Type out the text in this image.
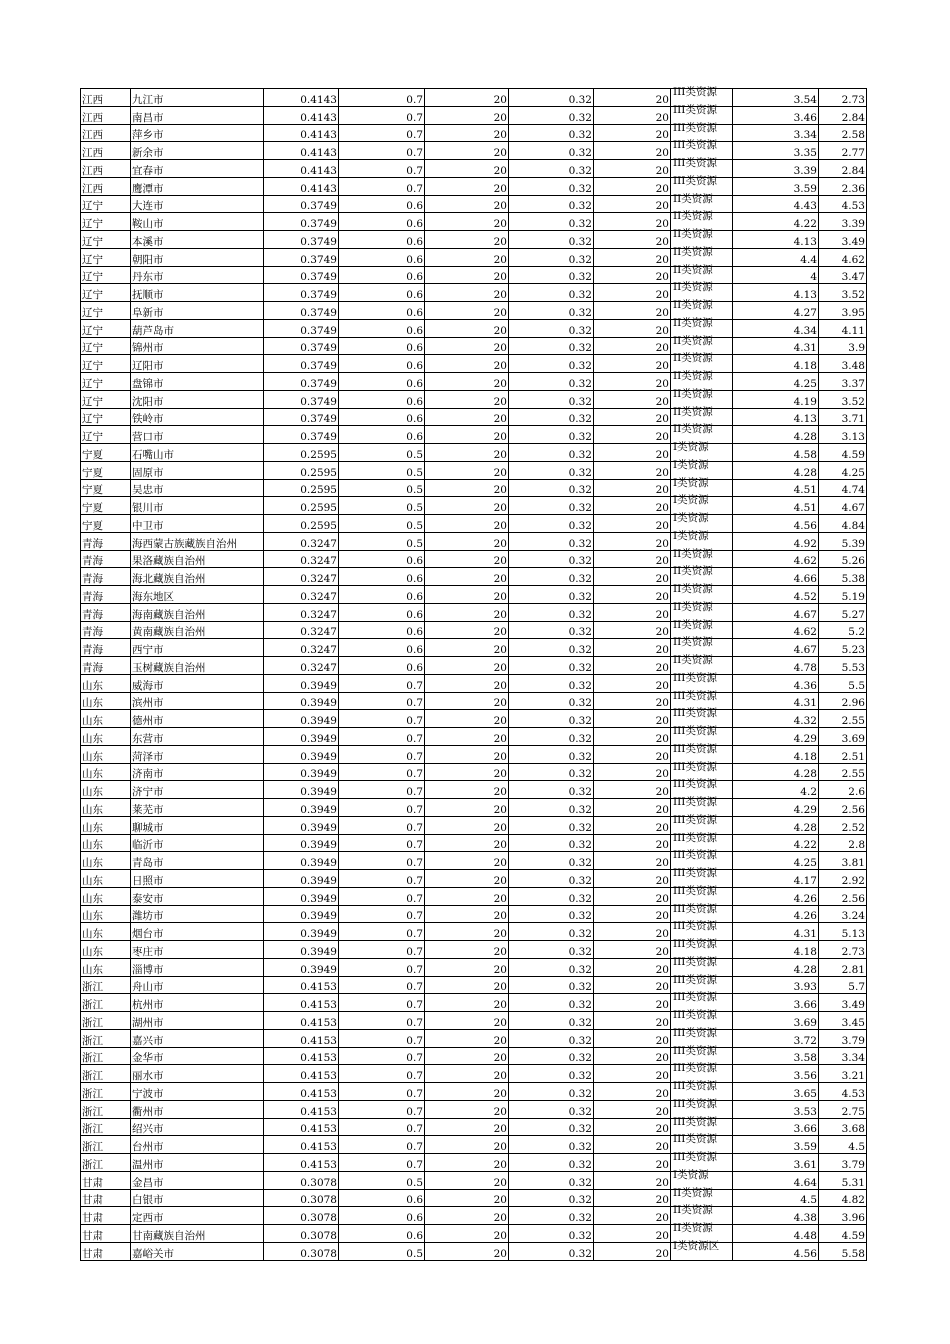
江西	九江市	0.4143	0.7	20	0.32	20	III类资源	3.54	2.73
江西	南昌市	0.4143	0.7	20	0.32	20	III类资源	3.46	2.84
江西	萍乡市	0.4143	0.7	20	0.32	20	III类资源	3.34	2.58
江西	新余市	0.4143	0.7	20	0.32	20	III类资源	3.35	2.77
江西	宜春市	0.4143	0.7	20	0.32	20	III类资源	3.39	2.84
江西	鹰潭市	0.4143	0.7	20	0.32	20	III类资源	3.59	2.36
辽宁	大连市	0.3749	0.6	20	0.32	20	II类资源	4.43	4.53
辽宁	鞍山市	0.3749	0.6	20	0.32	20	II类资源	4.22	3.39
辽宁	本溪市	0.3749	0.6	20	0.32	20	II类资源	4.13	3.49
辽宁	朝阳市	0.3749	0.6	20	0.32	20	II类资源	4.4	4.62
辽宁	丹东市	0.3749	0.6	20	0.32	20	II类资源	4	3.47
辽宁	抚顺市	0.3749	0.6	20	0.32	20	II类资源	4.13	3.52
辽宁	阜新市	0.3749	0.6	20	0.32	20	II类资源	4.27	3.95
辽宁	葫芦岛市	0.3749	0.6	20	0.32	20	II类资源	4.34	4.11
辽宁	锦州市	0.3749	0.6	20	0.32	20	II类资源	4.31	3.9
辽宁	辽阳市	0.3749	0.6	20	0.32	20	II类资源	4.18	3.48
辽宁	盘锦市	0.3749	0.6	20	0.32	20	II类资源	4.25	3.37
辽宁	沈阳市	0.3749	0.6	20	0.32	20	II类资源	4.19	3.52
辽宁	铁岭市	0.3749	0.6	20	0.32	20	II类资源	4.13	3.71
辽宁	营口市	0.3749	0.6	20	0.32	20	II类资源	4.28	3.13
宁夏	石嘴山市	0.2595	0.5	20	0.32	20	I类资源	4.58	4.59
宁夏	固原市	0.2595	0.5	20	0.32	20	I类资源	4.28	4.25
宁夏	吴忠市	0.2595	0.5	20	0.32	20	I类资源	4.51	4.74
宁夏	银川市	0.2595	0.5	20	0.32	20	I类资源	4.51	4.67
宁夏	中卫市	0.2595	0.5	20	0.32	20	I类资源	4.56	4.84
青海	海西蒙古族藏族自治州	0.3247	0.5	20	0.32	20	I类资源	4.92	5.39
青海	果洛藏族自治州	0.3247	0.6	20	0.32	20	II类资源	4.62	5.26
青海	海北藏族自治州	0.3247	0.6	20	0.32	20	II类资源	4.66	5.38
青海	海东地区	0.3247	0.6	20	0.32	20	II类资源	4.52	5.19
青海	海南藏族自治州	0.3247	0.6	20	0.32	20	II类资源	4.67	5.27
青海	黄南藏族自治州	0.3247	0.6	20	0.32	20	II类资源	4.62	5.2
青海	西宁市	0.3247	0.6	20	0.32	20	II类资源	4.67	5.23
青海	玉树藏族自治州	0.3247	0.6	20	0.32	20	II类资源	4.78	5.53
山东	威海市	0.3949	0.7	20	0.32	20	III类资源	4.36	5.5
山东	滨州市	0.3949	0.7	20	0.32	20	III类资源	4.31	2.96
山东	德州市	0.3949	0.7	20	0.32	20	III类资源	4.32	2.55
山东	东营市	0.3949	0.7	20	0.32	20	III类资源	4.29	3.69
山东	菏泽市	0.3949	0.7	20	0.32	20	III类资源	4.18	2.51
山东	济南市	0.3949	0.7	20	0.32	20	III类资源	4.28	2.55
山东	济宁市	0.3949	0.7	20	0.32	20	III类资源	4.2	2.6
山东	莱芜市	0.3949	0.7	20	0.32	20	III类资源	4.29	2.56
山东	聊城市	0.3949	0.7	20	0.32	20	III类资源	4.28	2.52
山东	临沂市	0.3949	0.7	20	0.32	20	III类资源	4.22	2.8
山东	青岛市	0.3949	0.7	20	0.32	20	III类资源	4.25	3.81
山东	日照市	0.3949	0.7	20	0.32	20	III类资源	4.17	2.92
山东	泰安市	0.3949	0.7	20	0.32	20	III类资源	4.26	2.56
山东	潍坊市	0.3949	0.7	20	0.32	20	III类资源	4.26	3.24
山东	烟台市	0.3949	0.7	20	0.32	20	III类资源	4.31	5.13
山东	枣庄市	0.3949	0.7	20	0.32	20	III类资源	4.18	2.73
山东	淄博市	0.3949	0.7	20	0.32	20	III类资源	4.28	2.81
浙江	舟山市	0.4153	0.7	20	0.32	20	III类资源	3.93	5.7
浙江	杭州市	0.4153	0.7	20	0.32	20	III类资源	3.66	3.49
浙江	湖州市	0.4153	0.7	20	0.32	20	III类资源	3.69	3.45
浙江	嘉兴市	0.4153	0.7	20	0.32	20	III类资源	3.72	3.79
浙江	金华市	0.4153	0.7	20	0.32	20	III类资源	3.58	3.34
浙江	丽水市	0.4153	0.7	20	0.32	20	III类资源	3.56	3.21
浙江	宁波市	0.4153	0.7	20	0.32	20	III类资源	3.65	4.53
浙江	衢州市	0.4153	0.7	20	0.32	20	III类资源	3.53	2.75
浙江	绍兴市	0.4153	0.7	20	0.32	20	III类资源	3.66	3.68
浙江	台州市	0.4153	0.7	20	0.32	20	III类资源	3.59	4.5
浙江	温州市	0.4153	0.7	20	0.32	20	III类资源	3.61	3.79
甘肃	金昌市	0.3078	0.5	20	0.32	20	I类资源	4.64	5.31
甘肃	白银市	0.3078	0.6	20	0.32	20	II类资源	4.5	4.82
甘肃	定西市	0.3078	0.6	20	0.32	20	II类资源	4.38	3.96
甘肃	甘南藏族自治州	0.3078	0.6	20	0.32	20	II类资源	4.48	4.59
甘肃	嘉峪关市	0.3078	0.5	20	0.32	20	I类资源区	4.56	5.58
